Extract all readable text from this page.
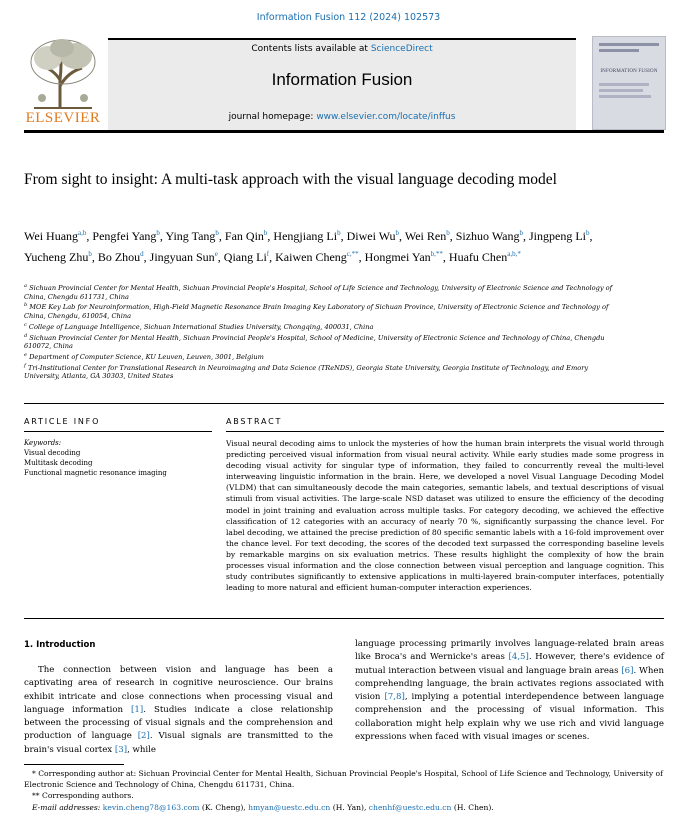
Information Fusion 112 (2024) 102573
ELSEVIER
Contents lists available at ScienceDirect
Information Fusion
journal homepage: www.elsevier.com/locate/inffus
INFORMATION FUSION
From sight to insight: A multi-task approach with the visual language decoding model
Wei Huang$^{a,b}$, Pengfei Yang$^b$, Ying Tang$^b$, Fan Qin$^b$, Hengjiang Li$^b$, Diwei Wu$^b$, Wei Ren$^b$, Sizhuo Wang$^b$, Jingpeng Li$^b$, Yucheng Zhu$^b$, Bo Zhou$^d$, Jingyuan Sun$^e$, Qiang Li$^f$, Kaiwen Cheng$^{c,**}$, Hongmei Yan$^{b,**}$, Huafu Chen$^{a,b,*}$
$^a$ Sichuan Provincial Center for Mental Health, Sichuan Provincial People's Hospital, School of Life Science and Technology, University of Electronic Science and Technology of China, Chengdu 611731, China
$^b$ MOE Key Lab for Neuroinformation, High-Field Magnetic Resonance Brain Imaging Key Laboratory of Sichuan Province, University of Electronic Science and Technology of China, Chengdu, 610054, China
$^c$ College of Language Intelligence, Sichuan International Studies University, Chongqing, 400031, China
$^d$ Sichuan Provincial Center for Mental Health, Sichuan Provincial People's Hospital, School of Medicine, University of Electronic Science and Technology of China, Chengdu 610072, China
$^e$ Department of Computer Science, KU Leuven, Leuven, 3001, Belgium
$^f$ Tri-Institutional Center for Translational Research in Neuroimaging and Data Science (TReNDS), Georgia State University, Georgia Institute of Technology, and Emory University, Atlanta, GA 30303, United States
ARTICLE INFO	ABSTRACT
Keywords:
Visual decoding
Multitask decoding
Functional magnetic resonance imaging
Visual neural decoding aims to unlock the mysteries of how the human brain interprets the visual world through predicting perceived visual information from visual neural activity. While early studies made some progress in decoding visual activity for singular type of information, they failed to concurrently reveal the multi-level interweaving linguistic information in the brain. Here, we developed a novel Visual Language Decoding Model (VLDM) that can simultaneously decode the main categories, semantic labels, and textual descriptions of visual stimuli from visual activities. The large-scale NSD dataset was utilized to ensure the efficiency of the decoding model in joint training and evaluation across multiple tasks. For category decoding, we achieved the effective classification of 12 categories with an accuracy of nearly 70 %, significantly surpassing the chance level. For label decoding, we attained the precise prediction of 80 specific semantic labels with a 16-fold improvement over the chance level. For text decoding, the scores of the decoded text surpassed the corresponding baseline levels by remarkable margins on six evaluation metrics. These results highlight the complexity of how the brain processes visual information and the close connection between visual perception and language cognition. This study contributes significantly to extensive applications in multi-layered brain-computer interfaces, potentially leading to more natural and efficient human-computer interaction experiences.
1. Introduction
The connection between vision and language has been a captivating area of research in cognitive neuroscience. Our brains exhibit intricate and close connections when processing visual and language information [1]. Studies indicate a close relationship between the processing of visual signals and the comprehension and production of language [2]. Visual signals are transmitted to the brain's visual cortex [3], while
language processing primarily involves language-related brain areas like Broca's and Wernicke's areas [4,5]. However, there's evidence of mutual interaction between visual and language brain areas [6]. When comprehending language, the brain activates regions associated with vision [7,8], implying a potential interdependence between language comprehension and the processing of visual information. This collaboration might help explain why we use rich and vivid language expressions when faced with visual images or scenes.
* Corresponding author at: Sichuan Provincial Center for Mental Health, Sichuan Provincial People's Hospital, School of Life Science and Technology, University of Electronic Science and Technology of China, Chengdu 611731, China.
** Corresponding authors.
E-mail addresses: kevin.cheng78@163.com (K. Cheng), hmyan@uestc.edu.cn (H. Yan), chenhf@uestc.edu.cn (H. Chen).
